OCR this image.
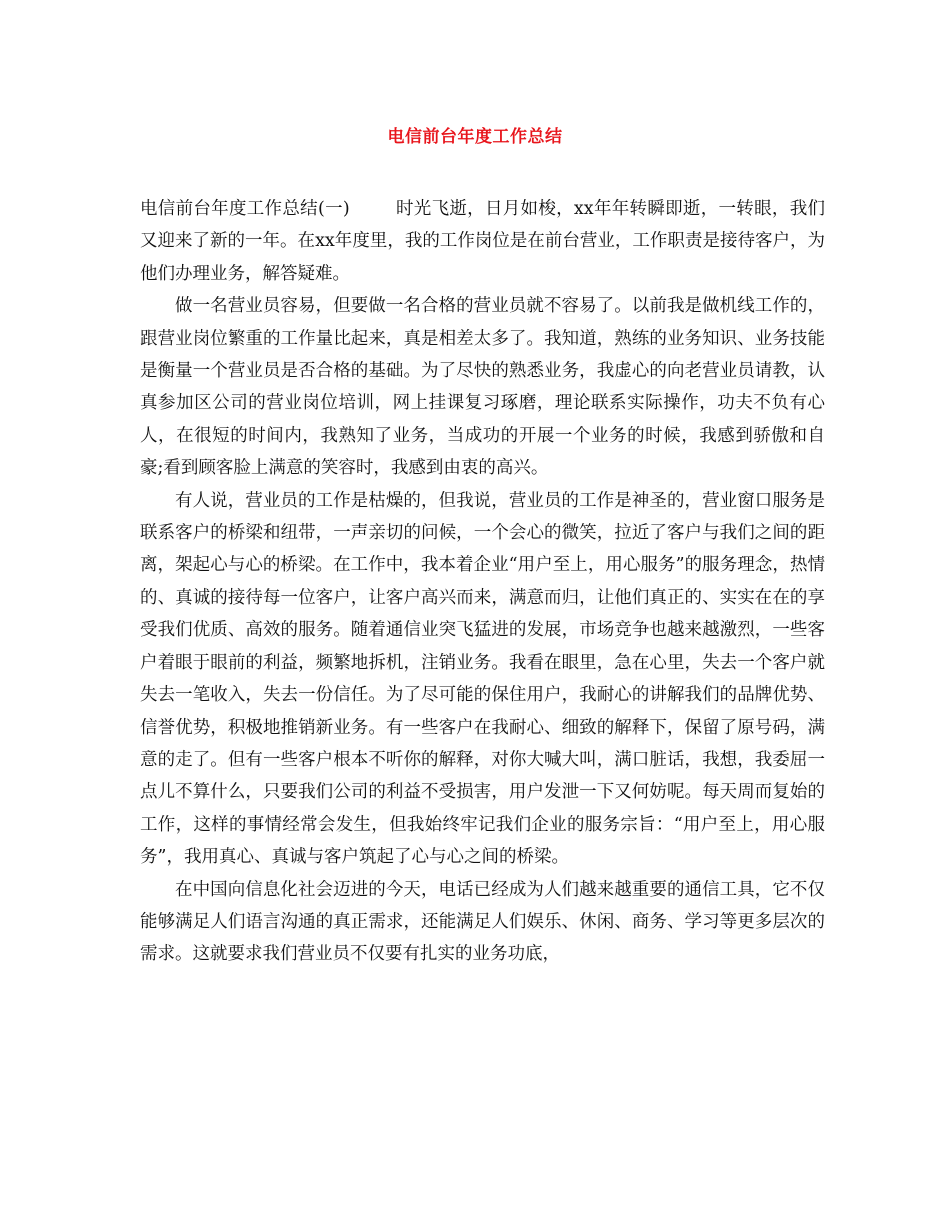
电信前台年度工作总结

电信前台年度工作总结(一)	时光飞逝，日月如梭，xx年年转瞬即逝，一转眼，我们又迎来了新的一年。在xx年度里，我的工作岗位是在前台营业，工作职责是接待客户，为他们办理业务，解答疑难。

做一名营业员容易，但要做一名合格的营业员就不容易了。以前我是做机线工作的，跟营业岗位繁重的工作量比起来，真是相差太多了。我知道，熟练的业务知识、业务技能是衡量一个营业员是否合格的基础。为了尽快的熟悉业务，我虚心的向老营业员请教，认真参加区公司的营业岗位培训，网上挂课复习琢磨，理论联系实际操作，功夫不负有心人，在很短的时间内，我熟知了业务，当成功的开展一个业务的时候，我感到骄傲和自豪;看到顾客脸上满意的笑容时，我感到由衷的高兴。

有人说，营业员的工作是枯燥的，但我说，营业员的工作是神圣的，营业窗口服务是联系客户的桥梁和纽带，一声亲切的问候，一个会心的微笑，拉近了客户与我们之间的距离，架起心与心的桥梁。在工作中，我本着企业“用户至上，用心服务”的服务理念，热情的、真诚的接待每一位客户，让客户高兴而来，满意而归，让他们真正的、实实在在的享受我们优质、高效的服务。随着通信业突飞猛进的发展，市场竞争也越来越激烈，一些客户着眼于眼前的利益，频繁地拆机，注销业务。我看在眼里，急在心里，失去一个客户就失去一笔收入，失去一份信任。为了尽可能的保住用户，我耐心的讲解我们的品牌优势、信誉优势，积极地推销新业务。有一些客户在我耐心、细致的解释下，保留了原号码，满意的走了。但有一些客户根本不听你的解释，对你大喊大叫，满口脏话，我想，我委屈一点儿不算什么，只要我们公司的利益不受损害，用户发泄一下又何妨呢。每天周而复始的工作，这样的事情经常会发生，但我始终牢记我们企业的服务宗旨：“用户至上，用心服务”，我用真心、真诚与客户筑起了心与心之间的桥梁。

在中国向信息化社会迈进的今天，电话已经成为人们越来越重要的通信工具，它不仅能够满足人们语言沟通的真正需求，还能满足人们娱乐、休闲、商务、学习等更多层次的需求。这就要求我们营业员不仅要有扎实的业务功底，
